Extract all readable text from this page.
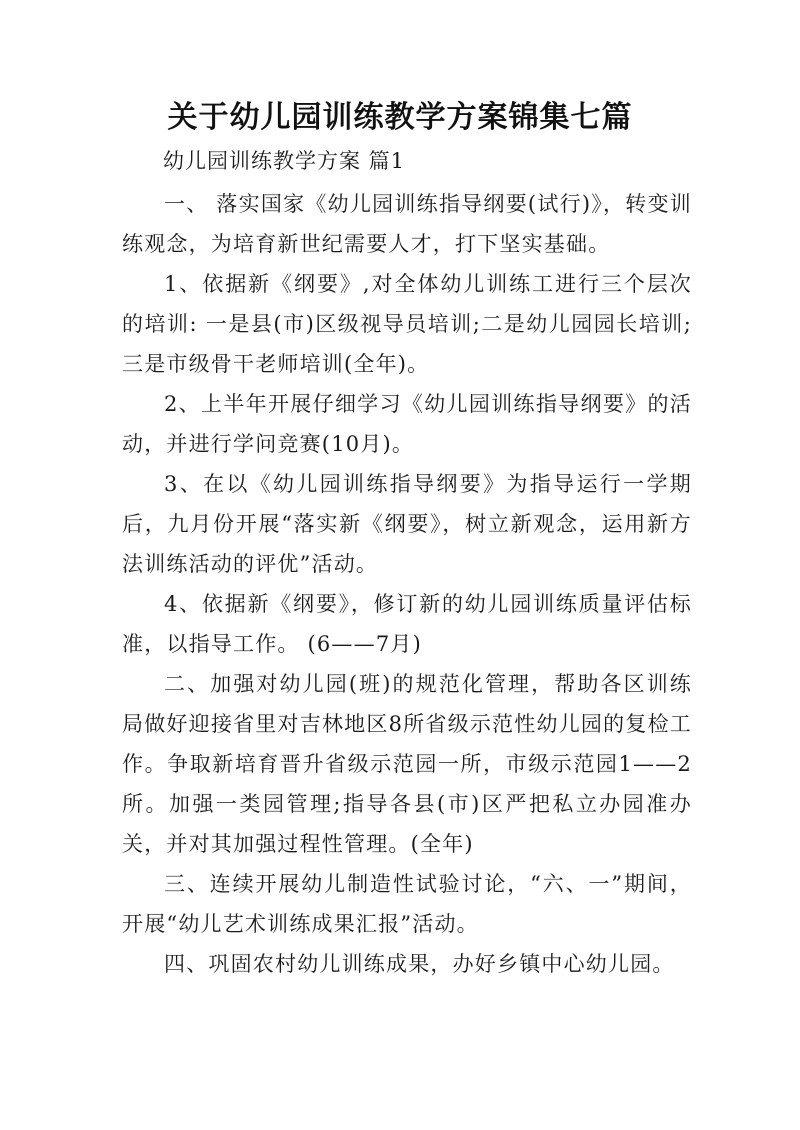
关于幼儿园训练教学方案锦集七篇

幼儿园训练教学方案 篇1

一、 落实国家《幼儿园训练指导纲要(试行)》，转变训练观念，为培育新世纪需要人才，打下坚实基础。

1、依据新《纲要》,对全体幼儿训练工进行三个层次的培训: 一是县(市)区级视导员培训;二是幼儿园园长培训;三是市级骨干老师培训(全年)。

2、上半年开展仔细学习《幼儿园训练指导纲要》的活动，并进行学问竞赛(10月)。

3、在以《幼儿园训练指导纲要》为指导运行一学期后，九月份开展“落实新《纲要》，树立新观念，运用新方法训练活动的评优”活动。

4、依据新《纲要》，修订新的幼儿园训练质量评估标准，以指导工作。 (6——7月)

二、加强对幼儿园(班)的规范化管理，帮助各区训练局做好迎接省里对吉林地区8所省级示范性幼儿园的复检工作。争取新培育晋升省级示范园一所，市级示范园1——2所。加强一类园管理;指导各县(市)区严把私立办园准办关，并对其加强过程性管理。(全年)

三、连续开展幼儿制造性试验讨论，“六、一”期间，开展“幼儿艺术训练成果汇报”活动。

四、巩固农村幼儿训练成果，办好乡镇中心幼儿园。
